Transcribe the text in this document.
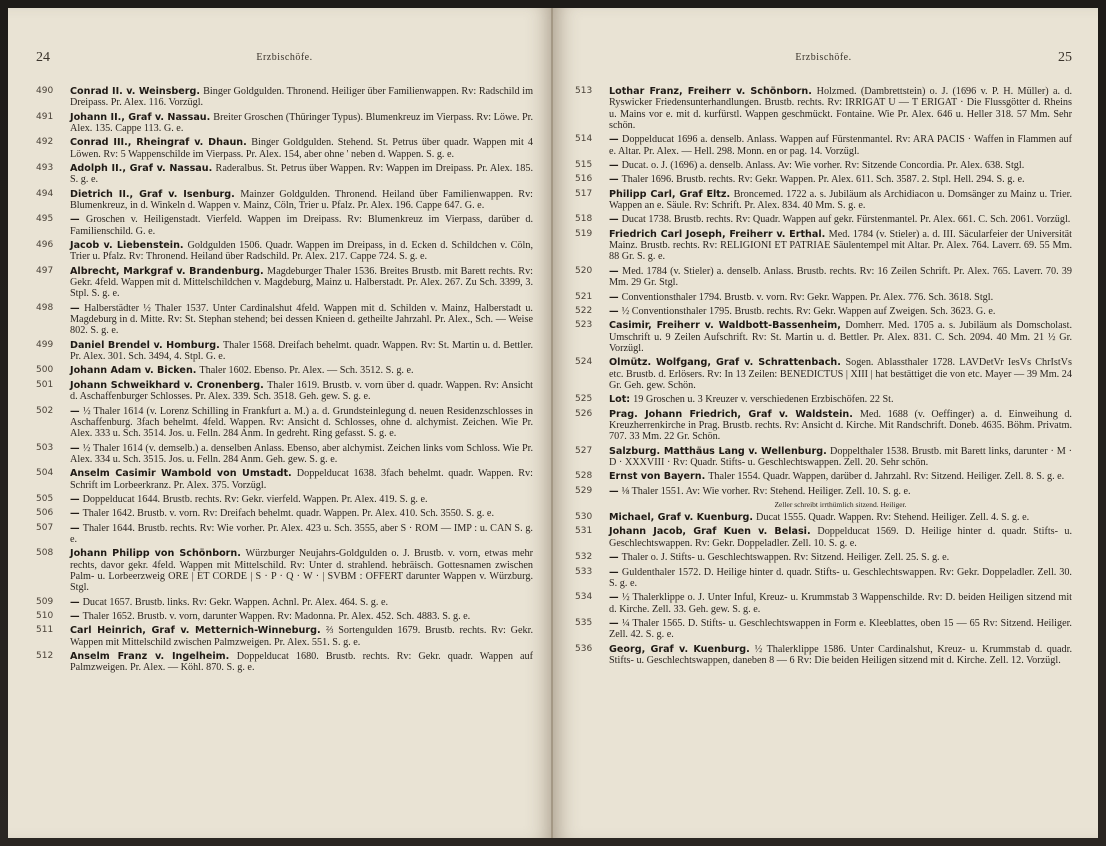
24	Erzbischöfe.
490 Conrad II. v. Weinsberg. Binger Goldgulden. Thronend. Heiliger über Familienwappen. Rv: Radschild im Dreipass. Pr. Alex. 116. Vorzügl.
491 Johann II., Graf v. Nassau. Breiter Groschen (Thüringer Typus). Blumenkreuz im Vierpass. Rv: Löwe. Pr. Alex. 135. Cappe 113. G. e.
492 Conrad III., Rheingraf v. Dhaun. Binger Goldgulden. Stehend. St. Petrus über quadr. Wappen mit 4 Löwen. Rv: 5 Wappenschilde im Vierpass. Pr. Alex. 154, aber ohne ' neben d. Wappen. S. g. e.
493 Adolph II., Graf v. Nassau. Raderalbus. St. Petrus über Wappen. Rv: Wappen im Dreipass. Pr. Alex. 185. S. g. e.
494 Dietrich II., Graf v. Isenburg. Mainzer Goldgulden. Thronend. Heiland über Familienwappen. Rv: Blumenkreuz, in d. Winkeln d. Wappen v. Mainz, Cöln, Trier u. Pfalz. Pr. Alex. 196. Cappe 647. G. e.
495 — Groschen v. Heiligenstadt. Vierfeld. Wappen im Dreipass. Rv: Blumenkreuz im Vierpass, darüber d. Familienschild. G. e.
496 Jacob v. Liebenstein. Goldgulden 1506. Quadr. Wappen im Dreipass, in d. Ecken d. Schildchen v. Cöln, Trier u. Pfalz. Rv: Thronend. Heiland über Radschild. Pr. Alex. 217. Cappe 724. S. g. e.
497 Albrecht, Markgraf v. Brandenburg. Magdeburger Thaler 1536. Breites Brustb. mit Barett rechts. Rv: Gekr. 4feld. Wappen mit d. Mittelschildchen v. Magdeburg, Mainz u. Halberstadt. Pr. Alex. 267. Zu Sch. 3399, 3. Stpl. S. g. e.
498 — Halberstädter ½ Thaler 1537. Unter Cardinalshut 4feld. Wappen mit d. Schilden v. Mainz, Halberstadt u. Magdeburg in d. Mitte. Rv: St. Stephan stehend; bei dessen Knieen d. getheilte Jahrzahl. Pr. Alex., Sch. — Weise 802. S. g. e.
499 Daniel Brendel v. Homburg. Thaler 1568. Dreifach behelmt. quadr. Wappen. Rv: St. Martin u. d. Bettler. Pr. Alex. 301. Sch. 3494, 4. Stpl. G. e.
500 Johann Adam v. Bicken. Thaler 1602. Ebenso. Pr. Alex. — Sch. 3512. S. g. e.
501 Johann Schweikhard v. Cronenberg. Thaler 1619. Brustb. v. vorn über d. quadr. Wappen. Rv: Ansicht d. Aschaffenburger Schlosses. Pr. Alex. 339. Sch. 3518. Geh. gew. S. g. e.
502 — ½ Thaler 1614 (v. Lorenz Schilling in Frankfurt a. M.) a. d. Grundsteinlegung d. neuen Residenzschlosses in Aschaffenburg. 3fach behelmt. 4feld. Wappen. Rv: Ansicht d. Schlosses, ohne d. alchymist. Zeichen. Wie Pr. Alex. 333 u. Sch. 3514. Jos. u. Felln. 284 Anm. In gedreht. Ring gefasst. S. g. e.
503 — ½ Thaler 1614 (v. demselb.) a. denselben Anlass. Ebenso, aber alchymist. Zeichen links vom Schloss. Wie Pr. Alex. 334 u. Sch. 3515. Jos. u. Felln. 284 Anm. Geh. gew. S. g. e.
504 Anselm Casimir Wambold von Umstadt. Doppelducat 1638. 3fach behelmt. quadr. Wappen. Rv: Schrift im Lorbeerkranz. Pr. Alex. 375. Vorzügl.
505 — Doppelducat 1644. Brustb. rechts. Rv: Gekr. vierfeld. Wappen. Pr. Alex. 419. S. g. e.
506 — Thaler 1642. Brustb. v. vorn. Rv: Dreifach behelmt. quadr. Wappen. Pr. Alex. 410. Sch. 3550. S. g. e.
507 — Thaler 1644. Brustb. rechts. Rv: Wie vorher. Pr. Alex. 423 u. Sch. 3555, aber S · ROM — IMP : u. CAN S. g. e.
508 Johann Philipp von Schönborn. Würzburger Neujahrs-Goldgulden o. J. Brustb. v. vorn, etwas mehr rechts, davor gekr. 4feld. Wappen mit Mittelschild. Rv: Unter d. strahlend. hebräisch. Gottesnamen zwischen Palm- u. Lorbeerzweig ORE | ET CORDE | S · P · Q · W · | SVBM : OFFERT darunter Wappen v. Würzburg. Stgl.
509 — Ducat 1657. Brustb. links. Rv: Gekr. Wappen. Achnl. Pr. Alex. 464. S. g. e.
510 — Thaler 1652. Brustb. v. vorn, darunter Wappen. Rv: Madonna. Pr. Alex. 452. Sch. 4883. S. g. e.
511 Carl Heinrich, Graf v. Metternich-Winneburg. ⅔ Sortengulden 1679. Brustb. rechts. Rv: Gekr. Wappen mit Mittelschild zwischen Palmzweigen. Pr. Alex. 551. S. g. e.
512 Anselm Franz v. Ingelheim. Doppelducat 1680. Brustb. rechts. Rv: Gekr. quadr. Wappen auf Palmzweigen. Pr. Alex. — Köhl. 870. S. g. e.
Erzbischöfe.	25
513 Lothar Franz, Freiherr v. Schönborn. Holzmed. (Dambrettstein) o. J. (1696 v. P. H. Müller) a. d. Ryswicker Friedensunterhandlungen. Brustb. rechts. Rv: IRRIGAT U — T ERIGAT · Die Flussgötter d. Rheins u. Mains vor e. mit d. kurfürstl. Wappen geschmückt. Fontaine. Wie Pr. Alex. 646 u. Heller 318. 57 Mm. Sehr schön.
514 — Doppelducat 1696 a. denselb. Anlass. Wappen auf Fürstenmantel. Rv: ARA PACIS · Waffen in Flammen auf e. Altar. Pr. Alex. — Hell. 298. Monn. en or pag. 14. Vorzügl.
515 — Ducat. o. J. (1696) a. denselb. Anlass. Av: Wie vorher. Rv: Sitzende Concordia. Pr. Alex. 638. Stgl.
516 — Thaler 1696. Brustb. rechts. Rv: Gekr. Wappen. Pr. Alex. 611. Sch. 3587. 2. Stpl. Hell. 294. S. g. e.
517 Philipp Carl, Graf Eltz. Broncemed. 1722 a. s. Jubiläum als Archidiacon u. Domsänger zu Mainz u. Trier. Wappen an e. Säule. Rv: Schrift. Pr. Alex. 834. 40 Mm. S. g. e.
518 — Ducat 1738. Brustb. rechts. Rv: Quadr. Wappen auf gekr. Fürstenmantel. Pr. Alex. 661. C. Sch. 2061. Vorzügl.
519 Friedrich Carl Joseph, Freiherr v. Erthal. Med. 1784 (v. Stieler) a. d. III. Säcularfeier der Universität Mainz. Brustb. rechts. Rv: RELIGIONI ET PATRIAE Säulentempel mit Altar. Pr. Alex. 764. Laverr. 69. 55 Mm. 88 Gr. S. g. e.
520 — Med. 1784 (v. Stieler) a. denselb. Anlass. Brustb. rechts. Rv: 16 Zeilen Schrift. Pr. Alex. 765. Laverr. 70. 39 Mm. 29 Gr. Stgl.
521 — Conventionsthaler 1794. Brustb. v. vorn. Rv: Gekr. Wappen. Pr. Alex. 776. Sch. 3618. Stgl.
522 — ½ Conventionsthaler 1795. Brustb. rechts. Rv: Gekr. Wappen auf Zweigen. Sch. 3623. G. e.
523 Casimir, Freiherr v. Waldbott-Bassenheim, Domherr. Med. 1705 a. s. Jubiläum als Domscholast. Umschrift u. 9 Zeilen Aufschrift. Rv: St. Martin u. d. Bettler. Pr. Alex. 831. C. Sch. 2094. 40 Mm. 21 ½ Gr. Vorzügl.
524 Olmütz. Wolfgang, Graf v. Schrattenbach. Sogen. Ablassthaler 1728. LAVDetVr IesVs ChrIstVs etc. Brustb. d. Erlösers. Rv: In 13 Zeilen: BENEDICTUS | XIII | hat bestättiget die von etc. Mayer — 39 Mm. 24 Gr. Geh. gew. Schön.
525 Lot: 19 Groschen u. 3 Kreuzer v. verschiedenen Erzbischöfen. 22 St.
526 Prag. Johann Friedrich, Graf v. Waldstein. Med. 1688 (v. Oeffinger) a. d. Einweihung d. Kreuzherrenkirche in Prag. Brustb. rechts. Rv: Ansicht d. Kirche. Mit Randschrift. Doneb. 4635. Böhm. Privatm. 707. 33 Mm. 22 Gr. Schön.
527 Salzburg. Matthäus Lang v. Wellenburg. Doppelthaler 1538. Brustb. mit Barett links, darunter · M · D · XXXVIII · Rv: Quadr. Stifts- u. Geschlechtswappen. Zell. 20. Sehr schön.
528 Ernst von Bayern. Thaler 1554. Quadr. Wappen, darüber d. Jahrzahl. Rv: Sitzend. Heiliger. Zell. 8. S. g. e.
529 — ⅛ Thaler 1551. Av: Wie vorher. Rv: Stehend. Heiliger. Zell. 10. S. g. e.
Zeller schreibt irrthümlich sitzend. Heiliger.
530 Michael, Graf v. Kuenburg. Ducat 1555. Quadr. Wappen. Rv: Stehend. Heiliger. Zell. 4. S. g. e.
531 Johann Jacob, Graf Kuen v. Belasi. Doppelducat 1569. D. Heilige hinter d. quadr. Stifts- u. Geschlechtswappen. Rv: Gekr. Doppeladler. Zell. 10. S. g. e.
532 — Thaler o. J. Stifts- u. Geschlechtswappen. Rv: Sitzend. Heiliger. Zell. 25. S. g. e.
533 — Guldenthaler 1572. D. Heilige hinter d. quadr. Stifts- u. Geschlechtswappen. Rv: Gekr. Doppeladler. Zell. 30. S. g. e.
534 — ½ Thalerklippe o. J. Unter Inful, Kreuz- u. Krummstab 3 Wappenschilde. Rv: D. beiden Heiligen sitzend mit d. Kirche. Zell. 33. Geh. gew. S. g. e.
535 — ¼ Thaler 1565. D. Stifts- u. Geschlechtswappen in Form e. Kleeblattes, oben 15 — 65 Rv: Sitzend. Heiliger. Zell. 42. S. g. e.
536 Georg, Graf v. Kuenburg. ½ Thalerklippe 1586. Unter Cardinalshut, Kreuz- u. Krummstab d. quadr. Stifts- u. Geschlechtswappen, daneben 8 — 6 Rv: Die beiden Heiligen sitzend mit d. Kirche. Zell. 12. Vorzügl.
